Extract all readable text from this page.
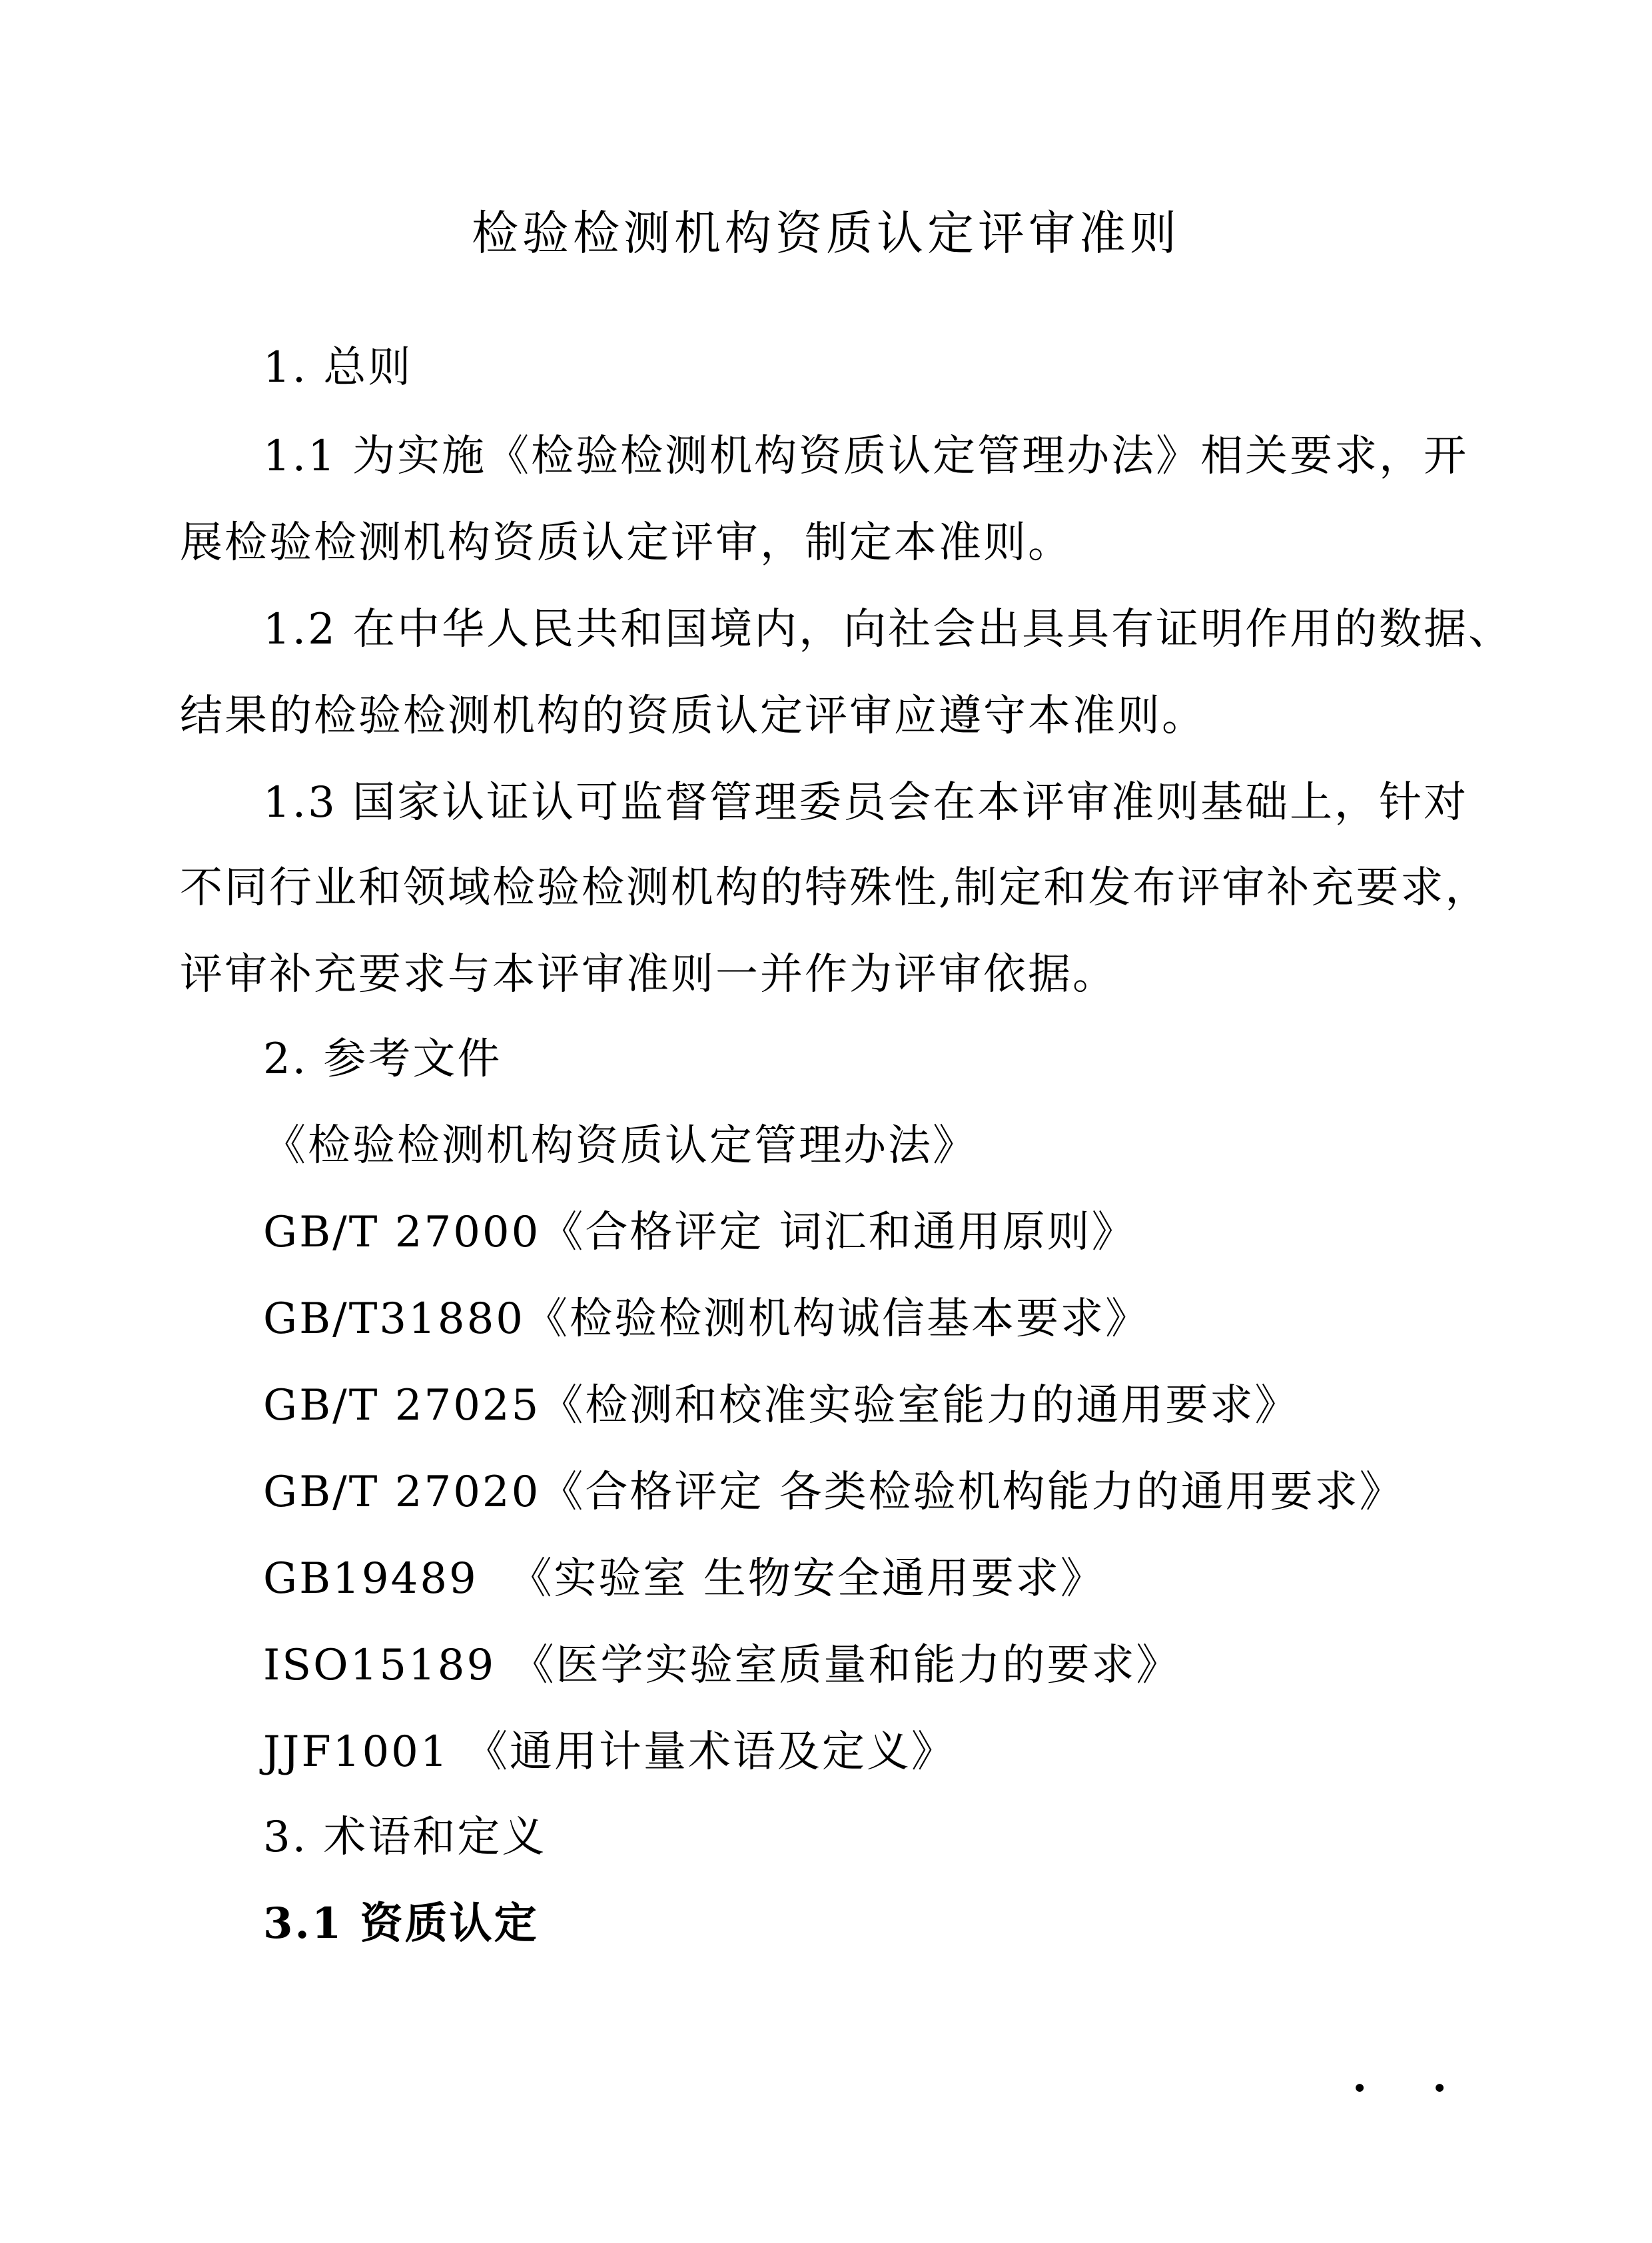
检验检测机构资质认定评审准则
1. 总则
1.1 为实施《检验检测机构资质认定管理办法》相关要求，开
展检验检测机构资质认定评审，制定本准则。
1.2 在中华人民共和国境内，向社会出具具有证明作用的数据、
结果的检验检测机构的资质认定评审应遵守本准则。
1.3 国家认证认可监督管理委员会在本评审准则基础上，针对
不同行业和领域检验检测机构的特殊性,制定和发布评审补充要求，
评审补充要求与本评审准则一并作为评审依据。
2. 参考文件
《检验检测机构资质认定管理办法》
GB/T 27000《合格评定 词汇和通用原则》
GB/T31880《检验检测机构诚信基本要求》
GB/T 27025《检测和校准实验室能力的通用要求》
GB/T 27020《合格评定 各类检验机构能力的通用要求》
GB19489  《实验室 生物安全通用要求》
ISO15189 《医学实验室质量和能力的要求》
JJF1001 《通用计量术语及定义》
3. 术语和定义
3.1 资质认定
. .
